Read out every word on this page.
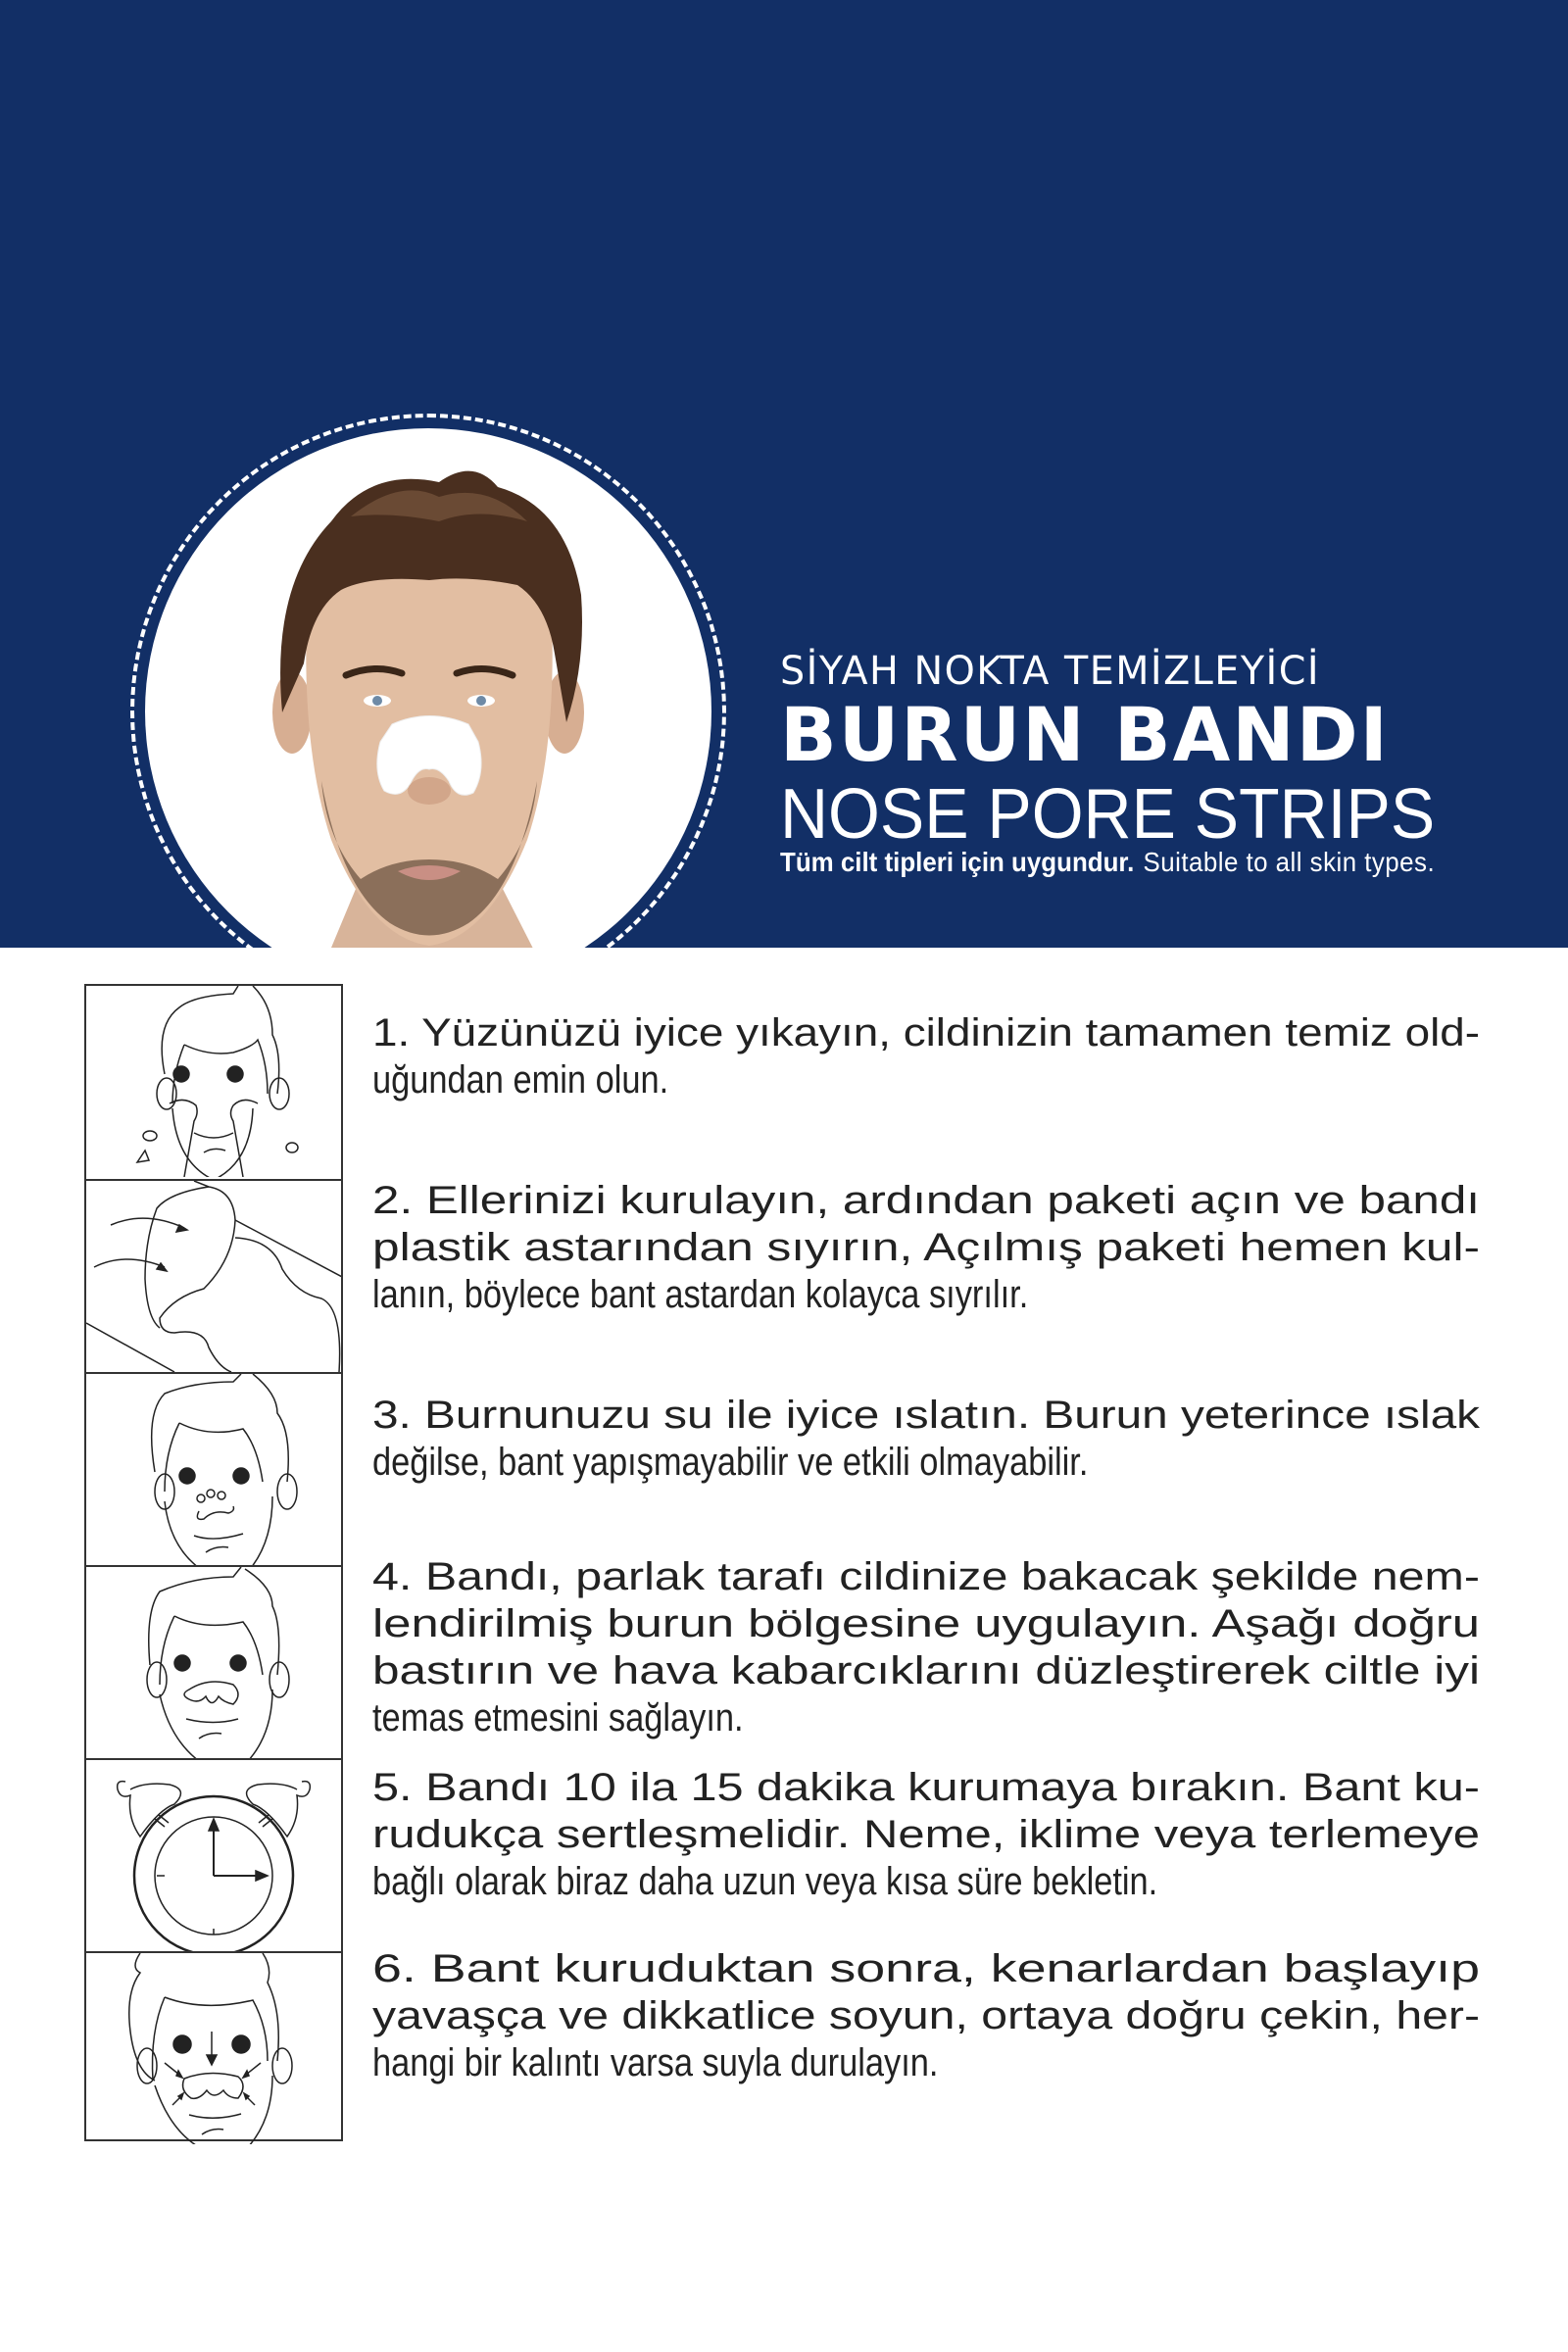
SİYAH NOKTA TEMİZLEYİCİ
BURUN BANDI
NOSE PORE STRIPS
Tüm cilt tipleri için uygundur. Suitable to all skin types.
1. Yüzünüzü iyice yıkayın, cildinizin tamamen temiz old-
uğundan emin olun.
2. Ellerinizi kurulayın, ardından paketi açın ve bandı
plastik astarından sıyırın, Açılmış paketi hemen kul-
lanın, böylece bant astardan kolayca sıyrılır.
3. Burnunuzu su ile iyice ıslatın. Burun yeterince ıslak
değilse, bant yapışmayabilir ve etkili olmayabilir.
4. Bandı, parlak tarafı cildinize bakacak şekilde nem-
lendirilmiş burun bölgesine uygulayın. Aşağı doğru
bastırın ve hava kabarcıklarını düzleştirerek ciltle iyi
temas etmesini sağlayın.
5. Bandı 10 ila 15 dakika kurumaya bırakın. Bant ku-
rudukça sertleşmelidir. Neme, iklime veya terlemeye
bağlı olarak biraz daha uzun veya kısa süre bekletin.
6. Bant kuruduktan sonra, kenarlardan başlayıp
yavaşça ve dikkatlice soyun, ortaya doğru çekin, her-
hangi bir kalıntı varsa suyla durulayın.
